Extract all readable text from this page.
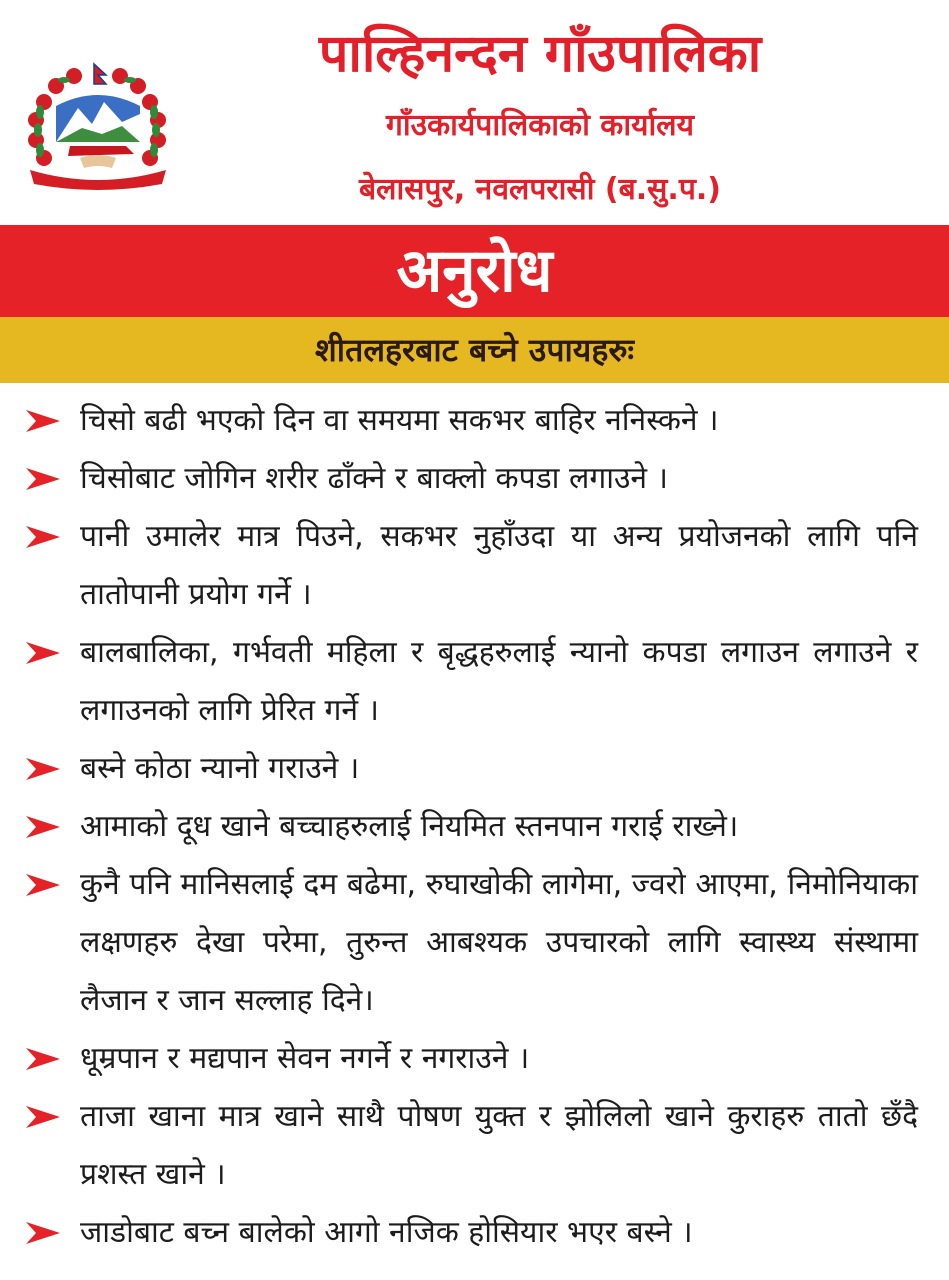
पाल्हिनन्दन गाँउपालिका
गाँउकार्यपालिकाको कार्यालय
बेलासपुर, नवलपरासी (ब.सु.प.)
अनुरोध
शीतलहरबाट बच्ने उपायहरुः
चिसो बढी भएको दिन वा समयमा सकभर बाहिर ननिस्कने ।
चिसोबाट जोगिन शरीर ढाँक्ने र बाक्लो कपडा लगाउने ।
पानी उमालेर मात्र पिउने, सकभर नुहाँउदा या अन्य प्रयोजनको लागि पनि तातोपानी प्रयोग गर्ने ।
बालबालिका, गर्भवती महिला र बृद्धहरुलाई न्यानो कपडा लगाउन लगाउने र लगाउनको लागि प्रेरित गर्ने ।
बस्ने कोठा न्यानो गराउने ।
आमाको दूध खाने बच्चाहरुलाई नियमित स्तनपान गराई राख्ने।
कुनै पनि मानिसलाई दम बढेमा, रुघाखोकी लागेमा, ज्वरो आएमा, निमोनियाका लक्षणहरु देखा परेमा, तुरुन्त आबश्यक उपचारको लागि स्वास्थ्य संस्थामा लैजान र जान सल्लाह दिने।
धूम्रपान र मद्यपान सेवन नगर्ने र नगराउने ।
ताजा खाना मात्र खाने साथै पोषण युक्त र झोलिलो खाने कुराहरु तातो छँदै प्रशस्त खाने ।
जाडोबाट बच्न बालेको आगो नजिक होसियार भएर बस्ने ।
